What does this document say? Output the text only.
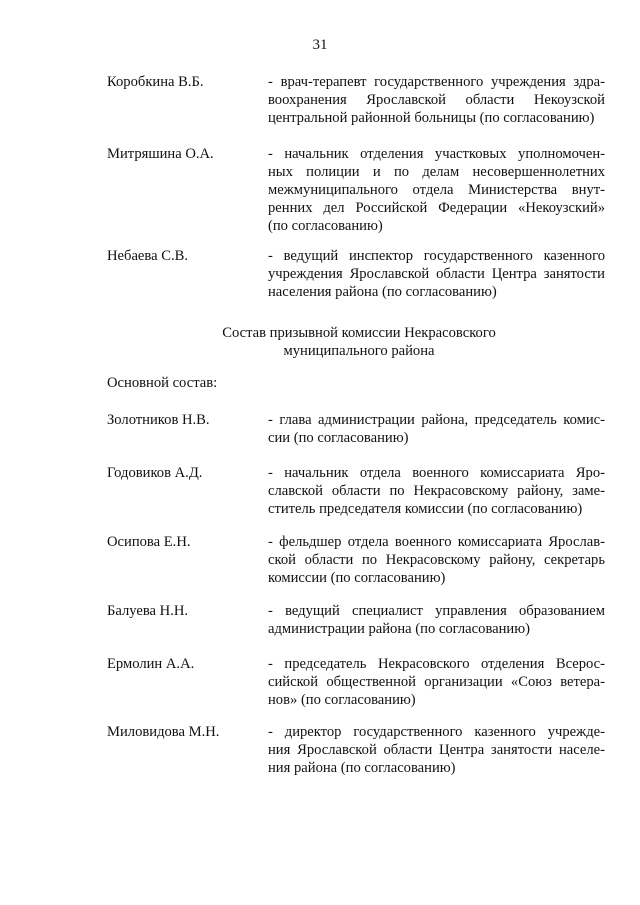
31
Коробкина В.Б.	- врач-терапевт государственного учреждения здра-
воохранения Ярославской области Некоузской
центральной районной больницы (по согласованию)
Митряшина О.А.	- начальник отделения участковых уполномочен-
ных полиции и по делам несовершеннолетних
межмуниципального отдела Министерства внут-
ренних дел Российской Федерации «Некоузский»
(по согласованию)
Небаева С.В.	- ведущий инспектор государственного казенного
учреждения Ярославской области Центра занятости
населения района (по согласованию)
Состав призывной комиссии Некрасовского
муниципального района
Основной состав:
Золотников Н.В.	- глава администрации района, председатель комис-
сии (по согласованию)
Годовиков А.Д.	- начальник отдела военного комиссариата Яро-
славской области по Некрасовскому району, заме-
ститель председателя комиссии (по согласованию)
Осипова Е.Н.	- фельдшер отдела военного комиссариата Ярослав-
ской области по Некрасовскому району, секретарь
комиссии (по согласованию)
Балуева Н.Н.	- ведущий специалист управления образованием
администрации района (по согласованию)
Ермолин А.А.	- председатель Некрасовского отделения Всерос-
сийской общественной организации «Союз ветера-
нов» (по согласованию)
Миловидова М.Н.	- директор государственного казенного учрежде-
ния Ярославской области Центра занятости населе-
ния района (по согласованию)
